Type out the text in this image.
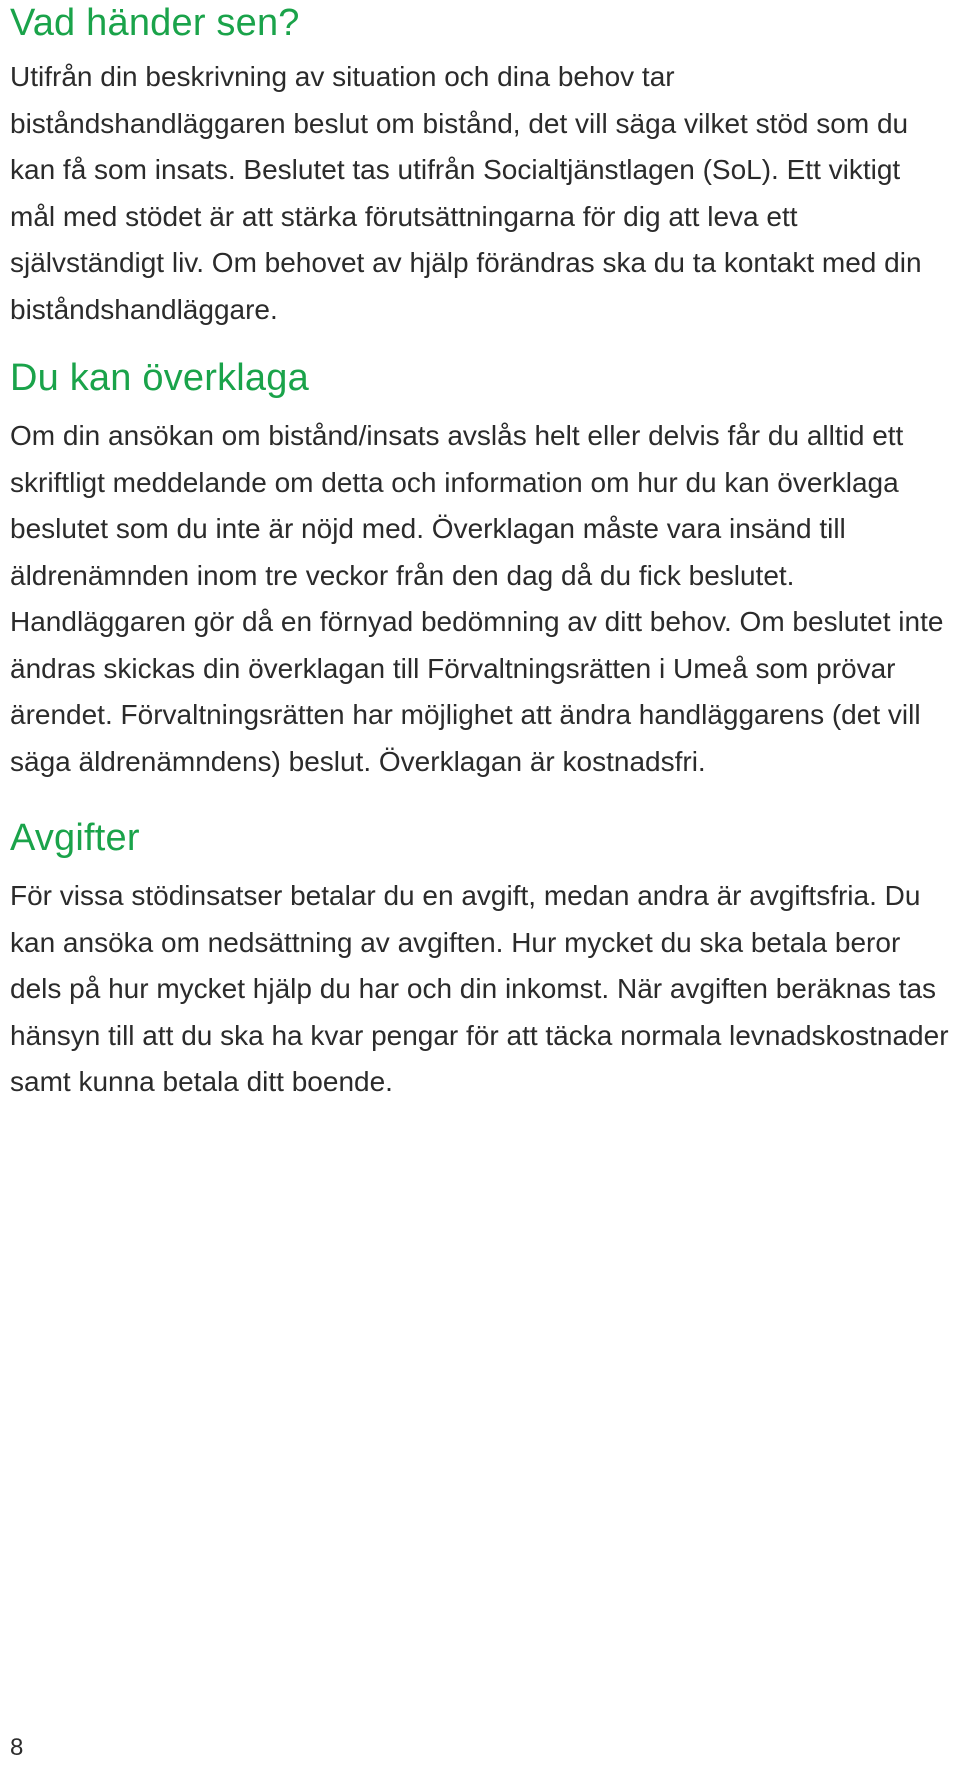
Vad händer sen?

Utifrån din beskrivning av situation och dina behov tar biståndshandläggaren beslut om bistånd, det vill säga vilket stöd som du kan få som insats. Beslutet tas utifrån Socialtjänstlagen (SoL). Ett viktigt mål med stödet är att stärka förutsättningarna för dig att leva ett självständigt liv. Om behovet av hjälp förändras ska du ta kontakt med din biståndshandläggare.

Du kan överklaga

Om din ansökan om bistånd/insats avslås helt eller delvis får du alltid ett skriftligt meddelande om detta och information om hur du kan överklaga beslutet som du inte är nöjd med. Överklagan måste vara insänd till äldrenämnden inom tre veckor från den dag då du fick beslutet. Handläggaren gör då en förnyad bedömning av ditt behov. Om beslutet inte ändras skickas din överklagan till Förvaltningsrätten i Umeå som prövar ärendet. Förvaltningsrätten har möjlighet att ändra handläggarens (det vill säga äldrenämndens) beslut. Överklagan är kostnadsfri.

Avgifter

För vissa stödinsatser betalar du en avgift, medan andra är avgiftsfria. Du kan ansöka om nedsättning av avgiften. Hur mycket du ska betala beror dels på hur mycket hjälp du har och din inkomst. När avgiften beräknas tas hänsyn till att du ska ha kvar pengar för att täcka normala levnadskostnader samt kunna betala ditt boende.

8
